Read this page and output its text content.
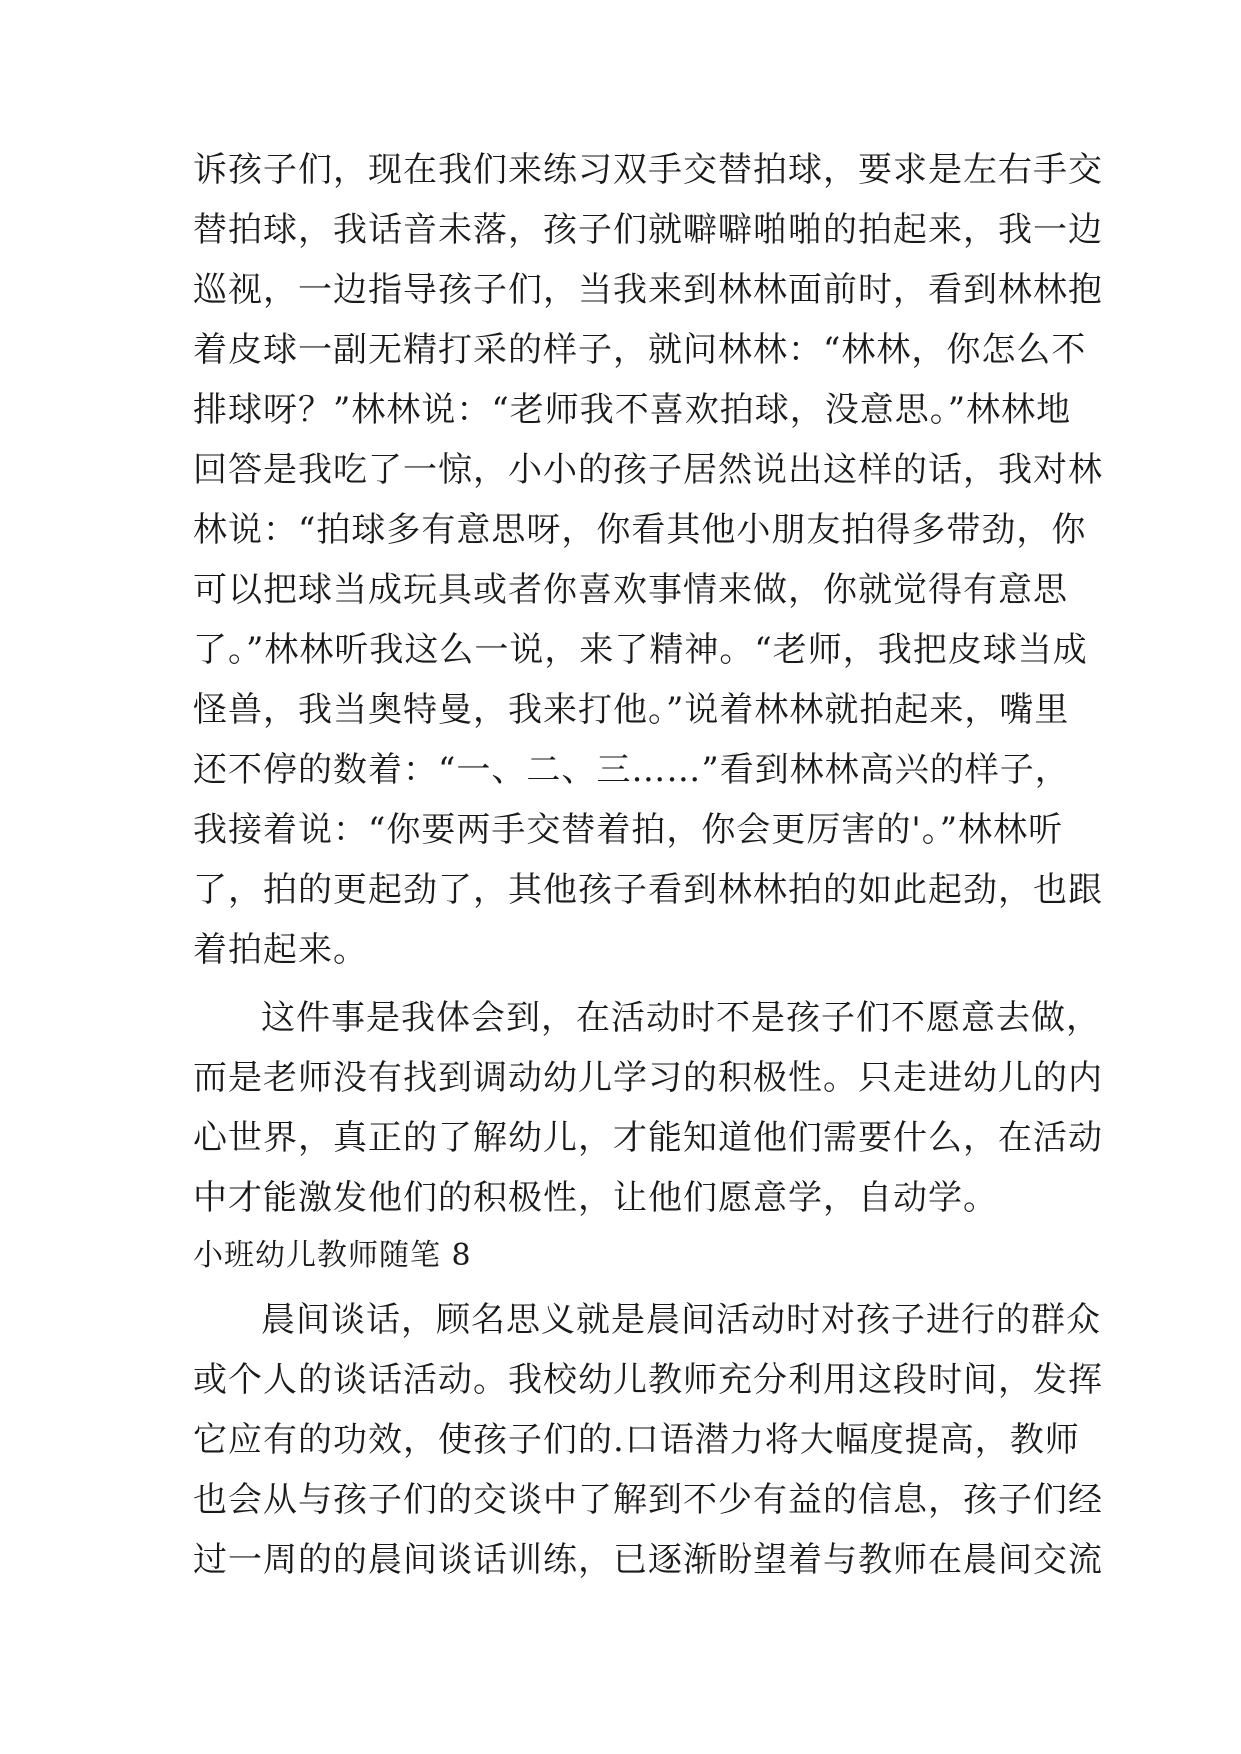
诉孩子们，现在我们来练习双手交替拍球，要求是左右手交
替拍球，我话音未落，孩子们就噼噼啪啪的拍起来，我一边
巡视，一边指导孩子们，当我来到林林面前时，看到林林抱
着皮球一副无精打采的样子，就问林林：“林林，你怎么不
排球呀？”林林说：“老师我不喜欢拍球，没意思。”林林地
回答是我吃了一惊，小小的孩子居然说出这样的话，我对林
林说：“拍球多有意思呀，你看其他小朋友拍得多带劲，你
可以把球当成玩具或者你喜欢事情来做，你就觉得有意思
了。”林林听我这么一说，来了精神。“老师，我把皮球当成
怪兽，我当奥特曼，我来打他。”说着林林就拍起来，嘴里
还不停的数着：“一、二、三……”看到林林高兴的样子，
我接着说：“你要两手交替着拍，你会更厉害的'。”林林听
了，拍的更起劲了，其他孩子看到林林拍的如此起劲，也跟
着拍起来。
这件事是我体会到，在活动时不是孩子们不愿意去做，
而是老师没有找到调动幼儿学习的积极性。只走进幼儿的内
心世界，真正的了解幼儿，才能知道他们需要什么，在活动
中才能激发他们的积极性，让他们愿意学，自动学。
小班幼儿教师随笔 8
晨间谈话，顾名思义就是晨间活动时对孩子进行的群众
或个人的谈话活动。我校幼儿教师充分利用这段时间，发挥
它应有的功效，使孩子们的.口语潜力将大幅度提高，教师
也会从与孩子们的交谈中了解到不少有益的信息，孩子们经
过一周的的晨间谈话训练，已逐渐盼望着与教师在晨间交流
